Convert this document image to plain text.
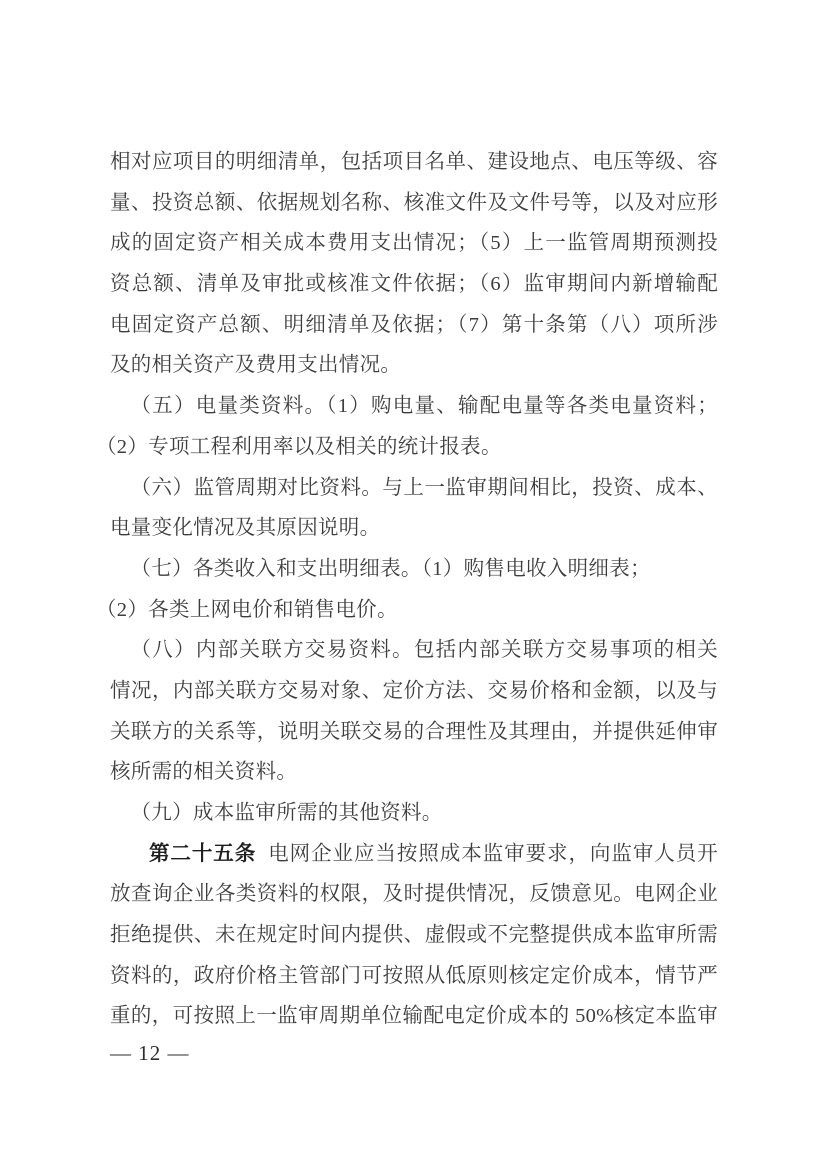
相对应项目的明细清单，包括项目名单、建设地点、电压等级、容
量、投资总额、依据规划名称、核准文件及文件号等，以及对应形
成的固定资产相关成本费用支出情况；（5）上一监管周期预测投
资总额、清单及审批或核准文件依据；（6）监审期间内新增输配
电固定资产总额、明细清单及依据；（7）第十条第（八）项所涉
及的相关资产及费用支出情况。
（五）电量类资料。（1）购电量、输配电量等各类电量资料；
（2）专项工程利用率以及相关的统计报表。
（六）监管周期对比资料。与上一监审期间相比，投资、成本、
电量变化情况及其原因说明。
（七）各类收入和支出明细表。（1）购售电收入明细表；
（2）各类上网电价和销售电价。
（八）内部关联方交易资料。包括内部关联方交易事项的相关
情况，内部关联方交易对象、定价方法、交易价格和金额，以及与
关联方的关系等，说明关联交易的合理性及其理由，并提供延伸审
核所需的相关资料。
（九）成本监审所需的其他资料。
第二十五条 电网企业应当按照成本监审要求，向监审人员开
放查询企业各类资料的权限，及时提供情况，反馈意见。电网企业
拒绝提供、未在规定时间内提供、虚假或不完整提供成本监审所需
资料的，政府价格主管部门可按照从低原则核定定价成本，情节严
重的，可按照上一监审周期单位输配电定价成本的 50%核定本监审
— 12 —
